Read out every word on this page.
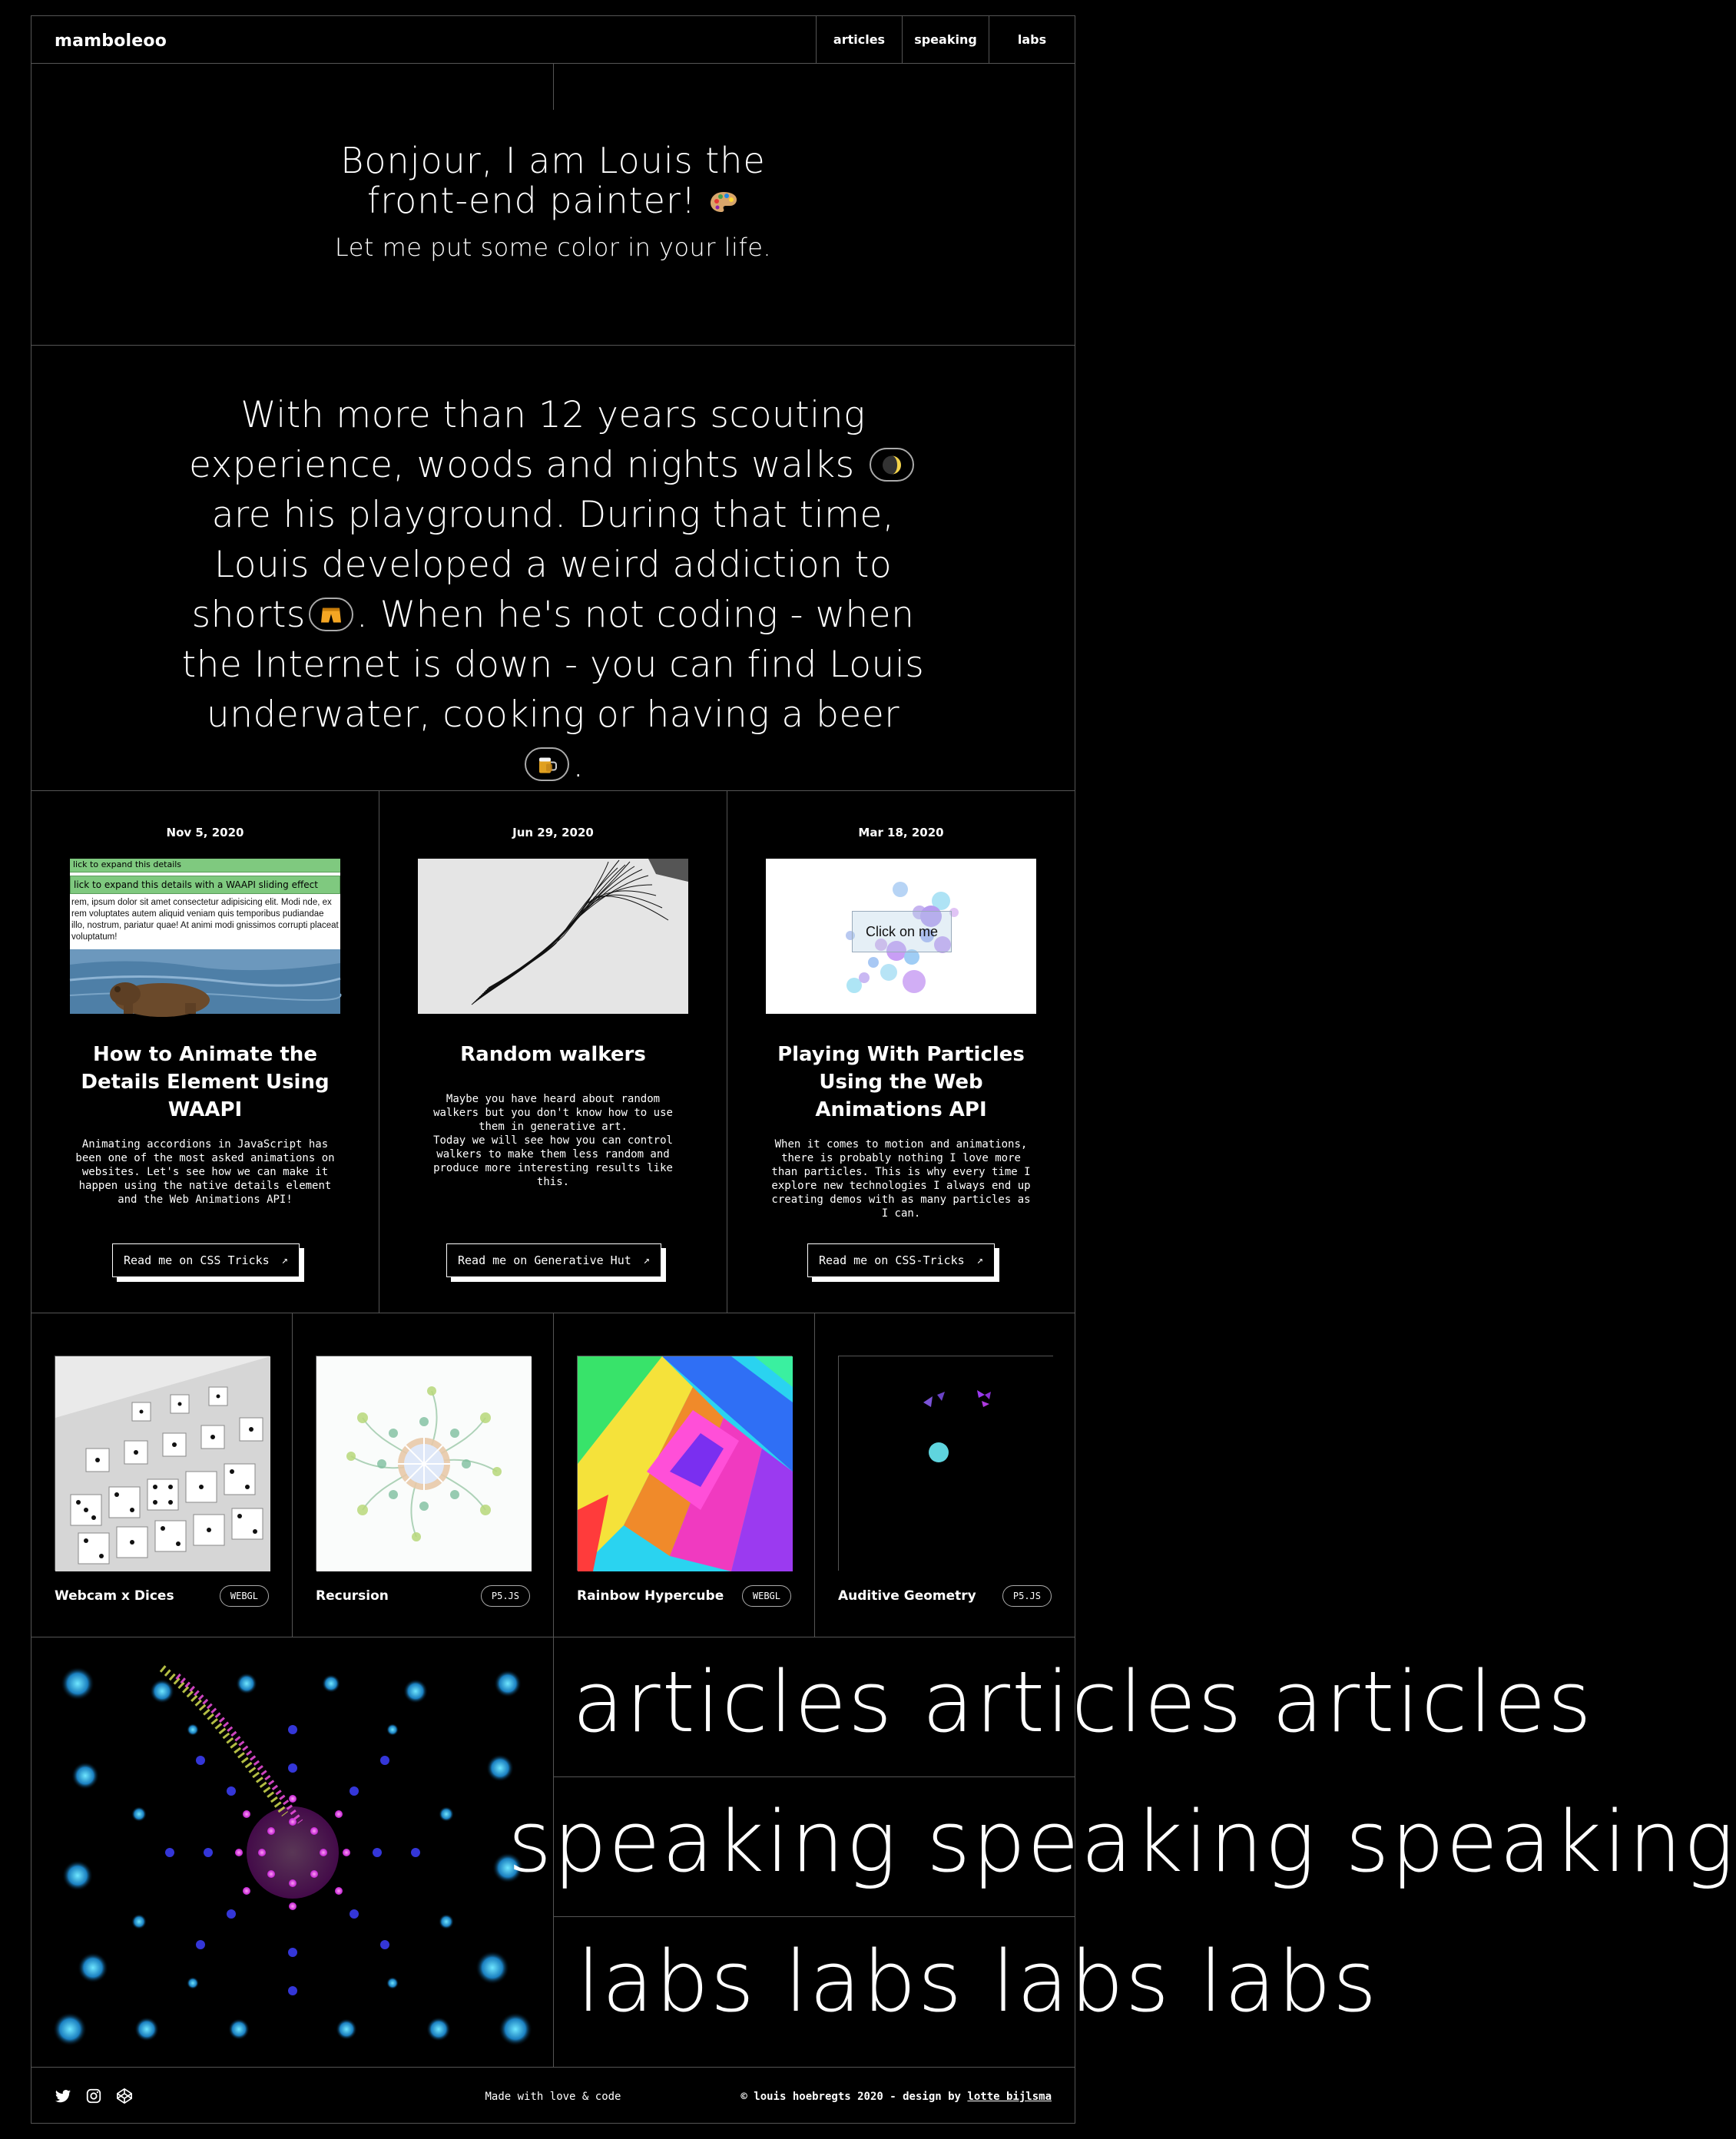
mamboleoo	articles	speaking	labs
Bonjour, I am Louis the
front-end painter!

Let me put some color in your life.

With more than 12 years scouting experience, woods and nights walks
are his playground. During that time, Louis developed a weird addiction to shorts . When he's not coding - when the Internet is down - you can find Louis underwater, cooking or having a beer
.

Nov 5, 2020
lick to expand this details
lick to expand this details with a WAAPI sliding effect
rem, ipsum dolor sit amet consectetur adipisicing elit. Modi nde, ex rem voluptates autem aliquid veniam quis temporibus pudiandae illo, nostrum, pariatur quae! At animi modi gnissimos corrupti placeat voluptatum!
How to Animate the Details Element Using WAAPI

Animating accordions in JavaScript has been one of the most asked animations on websites. Let's see how we can make it happen using the native details element and the Web Animations API!

Read me on CSS Tricks ↗
Jun 29, 2020
Random walkers

Maybe you have heard about random walkers but you don't know how to use them in generative art.
Today we will see how you can control walkers to make them less random and produce more interesting results like this.

Read me on Generative Hut ↗
Mar 18, 2020
Click on me
Playing With Particles Using the Web Animations API

When it comes to motion and animations, there is probably nothing I love more than particles. This is why every time I explore new technologies I always end up creating demos with as many particles as I can.

Read me on CSS-Tricks ↗
Webcam x Dices	WEBGL	Recursion	P5.JS	Rainbow Hypercube	WEBGL	Auditive Geometry	P5.JS
articles articles articles
speaking speaking speaking
labs labs labs labs
Made with love & code	© louis hoebregts 2020 - design by lotte bijlsma
